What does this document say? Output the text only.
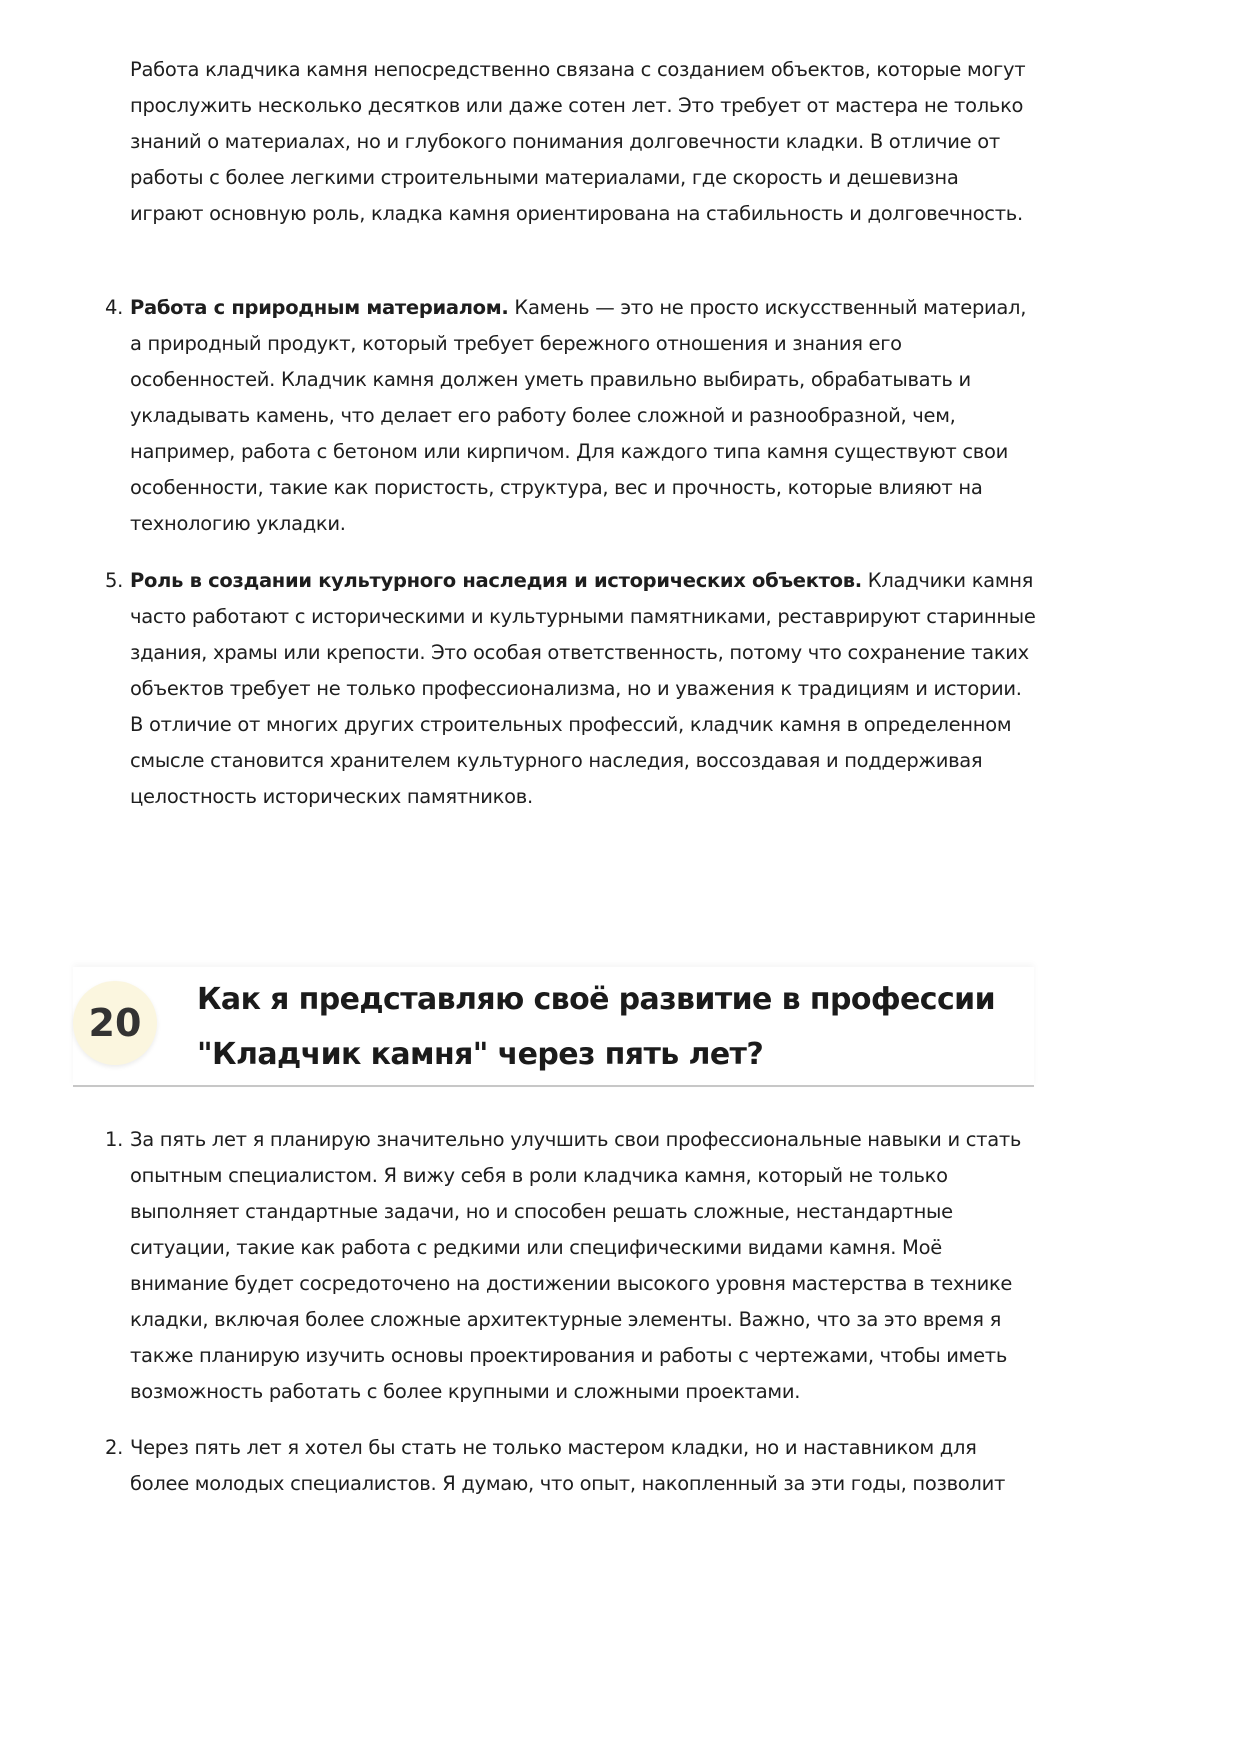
Работа кладчика камня непосредственно связана с созданием объектов, которые могут прослужить несколько десятков или даже сотен лет. Это требует от мастера не только знаний о материалах, но и глубокого понимания долговечности кладки. В отличие от работы с более легкими строительными материалами, где скорость и дешевизна играют основную роль, кладка камня ориентирована на стабильность и долговечность.

4. Работа с природным материалом. Камень — это не просто искусственный материал, а природный продукт, который требует бережного отношения и знания его особенностей. Кладчик камня должен уметь правильно выбирать, обрабатывать и укладывать камень, что делает его работу более сложной и разнообразной, чем, например, работа с бетоном или кирпичом. Для каждого типа камня существуют свои особенности, такие как пористость, структура, вес и прочность, которые влияют на технологию укладки.
5. Роль в создании культурного наследия и исторических объектов. Кладчики камня часто работают с историческими и культурными памятниками, реставрируют старинные здания, храмы или крепости. Это особая ответственность, потому что сохранение таких объектов требует не только профессионализма, но и уважения к традициям и истории. В отличие от многих других строительных профессий, кладчик камня в определенном смысле становится хранителем культурного наследия, воссоздавая и поддерживая целостность исторических памятников.
20
Как я представляю своё развитие в профессии "Кладчик камня" через пять лет?
1. За пять лет я планирую значительно улучшить свои профессиональные навыки и стать опытным специалистом. Я вижу себя в роли кладчика камня, который не только выполняет стандартные задачи, но и способен решать сложные, нестандартные ситуации, такие как работа с редкими или специфическими видами камня. Моё внимание будет сосредоточено на достижении высокого уровня мастерства в технике кладки, включая более сложные архитектурные элементы. Важно, что за это время я также планирую изучить основы проектирования и работы с чертежами, чтобы иметь возможность работать с более крупными и сложными проектами.
2. Через пять лет я хотел бы стать не только мастером кладки, но и наставником для более молодых специалистов. Я думаю, что опыт, накопленный за эти годы, позволит
